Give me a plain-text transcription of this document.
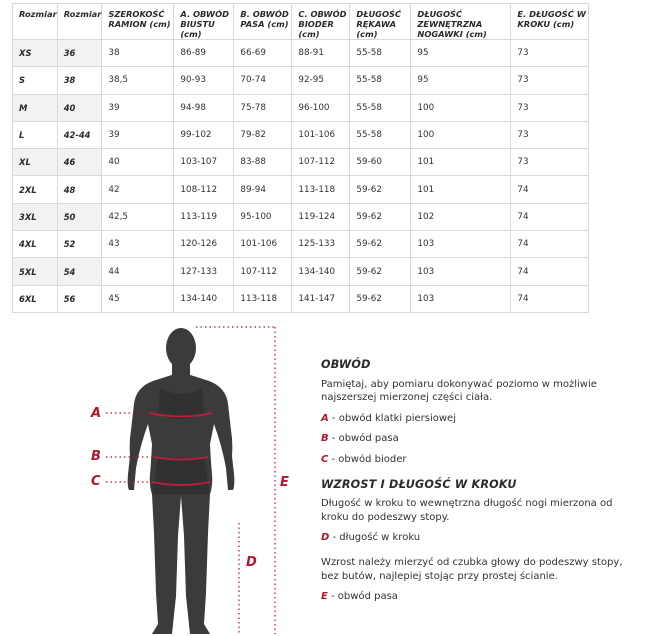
Rozmiar	Rozmiar	SZEROKOŚĆ RAMION (cm)	A. OBWÓD BIUSTU (cm)	B. OBWÓD PASA (cm)	C. OBWÓD BIODER (cm)	DŁUGOŚĆ RĘKAWA (cm)	DŁUGOŚĆ ZEWNĘTRZNA NOGAWKI (cm)	E. DŁUGOŚĆ W KROKU (cm)
XS	36	38	86-89	66-69	88-91	55-58	95	73
S	38	38,5	90-93	70-74	92-95	55-58	95	73
M	40	39	94-98	75-78	96-100	55-58	100	73
L	42-44	39	99-102	79-82	101-106	55-58	100	73
XL	46	40	103-107	83-88	107-112	59-60	101	73
2XL	48	42	108-112	89-94	113-118	59-62	101	74
3XL	50	42,5	113-119	95-100	119-124	59-62	102	74
4XL	52	43	120-126	101-106	125-133	59-62	103	74
5XL	54	44	127-133	107-112	134-140	59-62	103	74
6XL	56	45	134-140	113-118	141-147	59-62	103	74
A
B
C
D
E
OBWÓD

Pamiętaj, aby pomiaru dokonywać poziomo w możliwie najszerszej mierzonej części ciała.

A - obwód klatki piersiowej

B - obwód pasa

C - obwód bioder

WZROST I DŁUGOŚĆ W KROKU

Długość w kroku to wewnętrzna długość nogi mierzona od kroku do podeszwy stopy.

D - długość w kroku

Wzrost należy mierzyć od czubka głowy do podeszwy stopy, bez butów, najlepiej stojąc przy prostej ścianie.

E - obwód pasa
